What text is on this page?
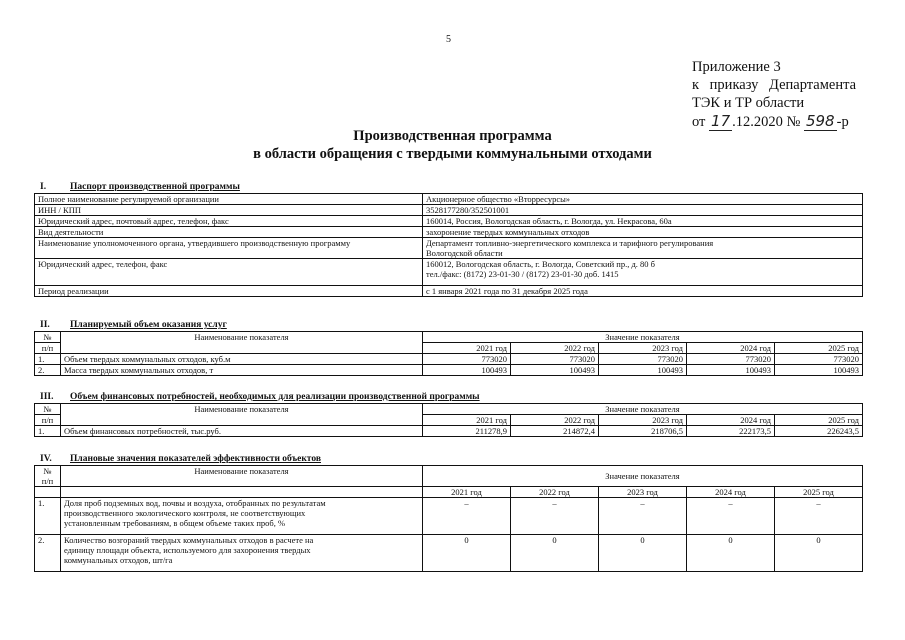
5
Приложение 3
к приказу Департамента
ТЭК и ТР области
от 17 .12.2020 № 598 -р
Производственная программа
в области обращения с твердыми коммунальными отходами
I.	Паспорт производственной программы
Полное наименование регулируемой организации	Акционерное общество «Вторресурсы»
ИНН / КПП	3528177280/352501001
Юридический адрес, почтовый адрес, телефон, факс	160014, Россия, Вологодская область, г. Вологда, ул. Некрасова, 60а
Вид деятельности	захоронение твердых коммунальных отходов
Наименование уполномоченного органа, утвердившего производственную программу	Департамент топливно-энергетического комплекса и тарифного регулирования
Вологодской области

Юридический адрес, телефон, факс	160012, Вологодская область, г. Вологда, Советский пр., д. 80 б
тел./факс: (8172) 23-01-30 / (8172) 23-01-30 доб. 1415

Период реализации	с 1 января 2021 года по 31 декабря 2025 года
II. Планируемый объем оказания услуг
№	Наименование показателя	Значение показателя				
п/п		2021 год	2022 год	2023 год	2024 год	2025 год
1.	Объем твердых коммунальных отходов, куб.м	773020	773020	773020	773020	773020
2.	Масса твердых коммунальных отходов, т	100493	100493	100493	100493	100493
III. Объем финансовых потребностей, необходимых для реализации производственной программы
№	Наименование показателя	Значение показателя				
п/п		2021 год	2022 год	2023 год	2024 год	2025 год
1.	Объем финансовых потребностей, тыс.руб.	211278,9	214872,4	218706,5	222173,5	226243,5
IV. Плановые значения показателей эффективности объектов
№
п/п	Наименование показателя	Значение показателя				
		2021 год	2022 год	2023 год	2024 год	2025 год
1.	Доля проб подземных вод, почвы и воздуха, отобранных по результатам
производственного экологического контроля, не соответствующих
установленным требованиям, в общем объеме таких проб, %	–	–	–	–	–
2.	Количество возгораний твердых коммунальных отходов в расчете на
единицу площади объекта, используемого для захоронения твердых
коммунальных отходов, шт/га	0	0	0	0	0
